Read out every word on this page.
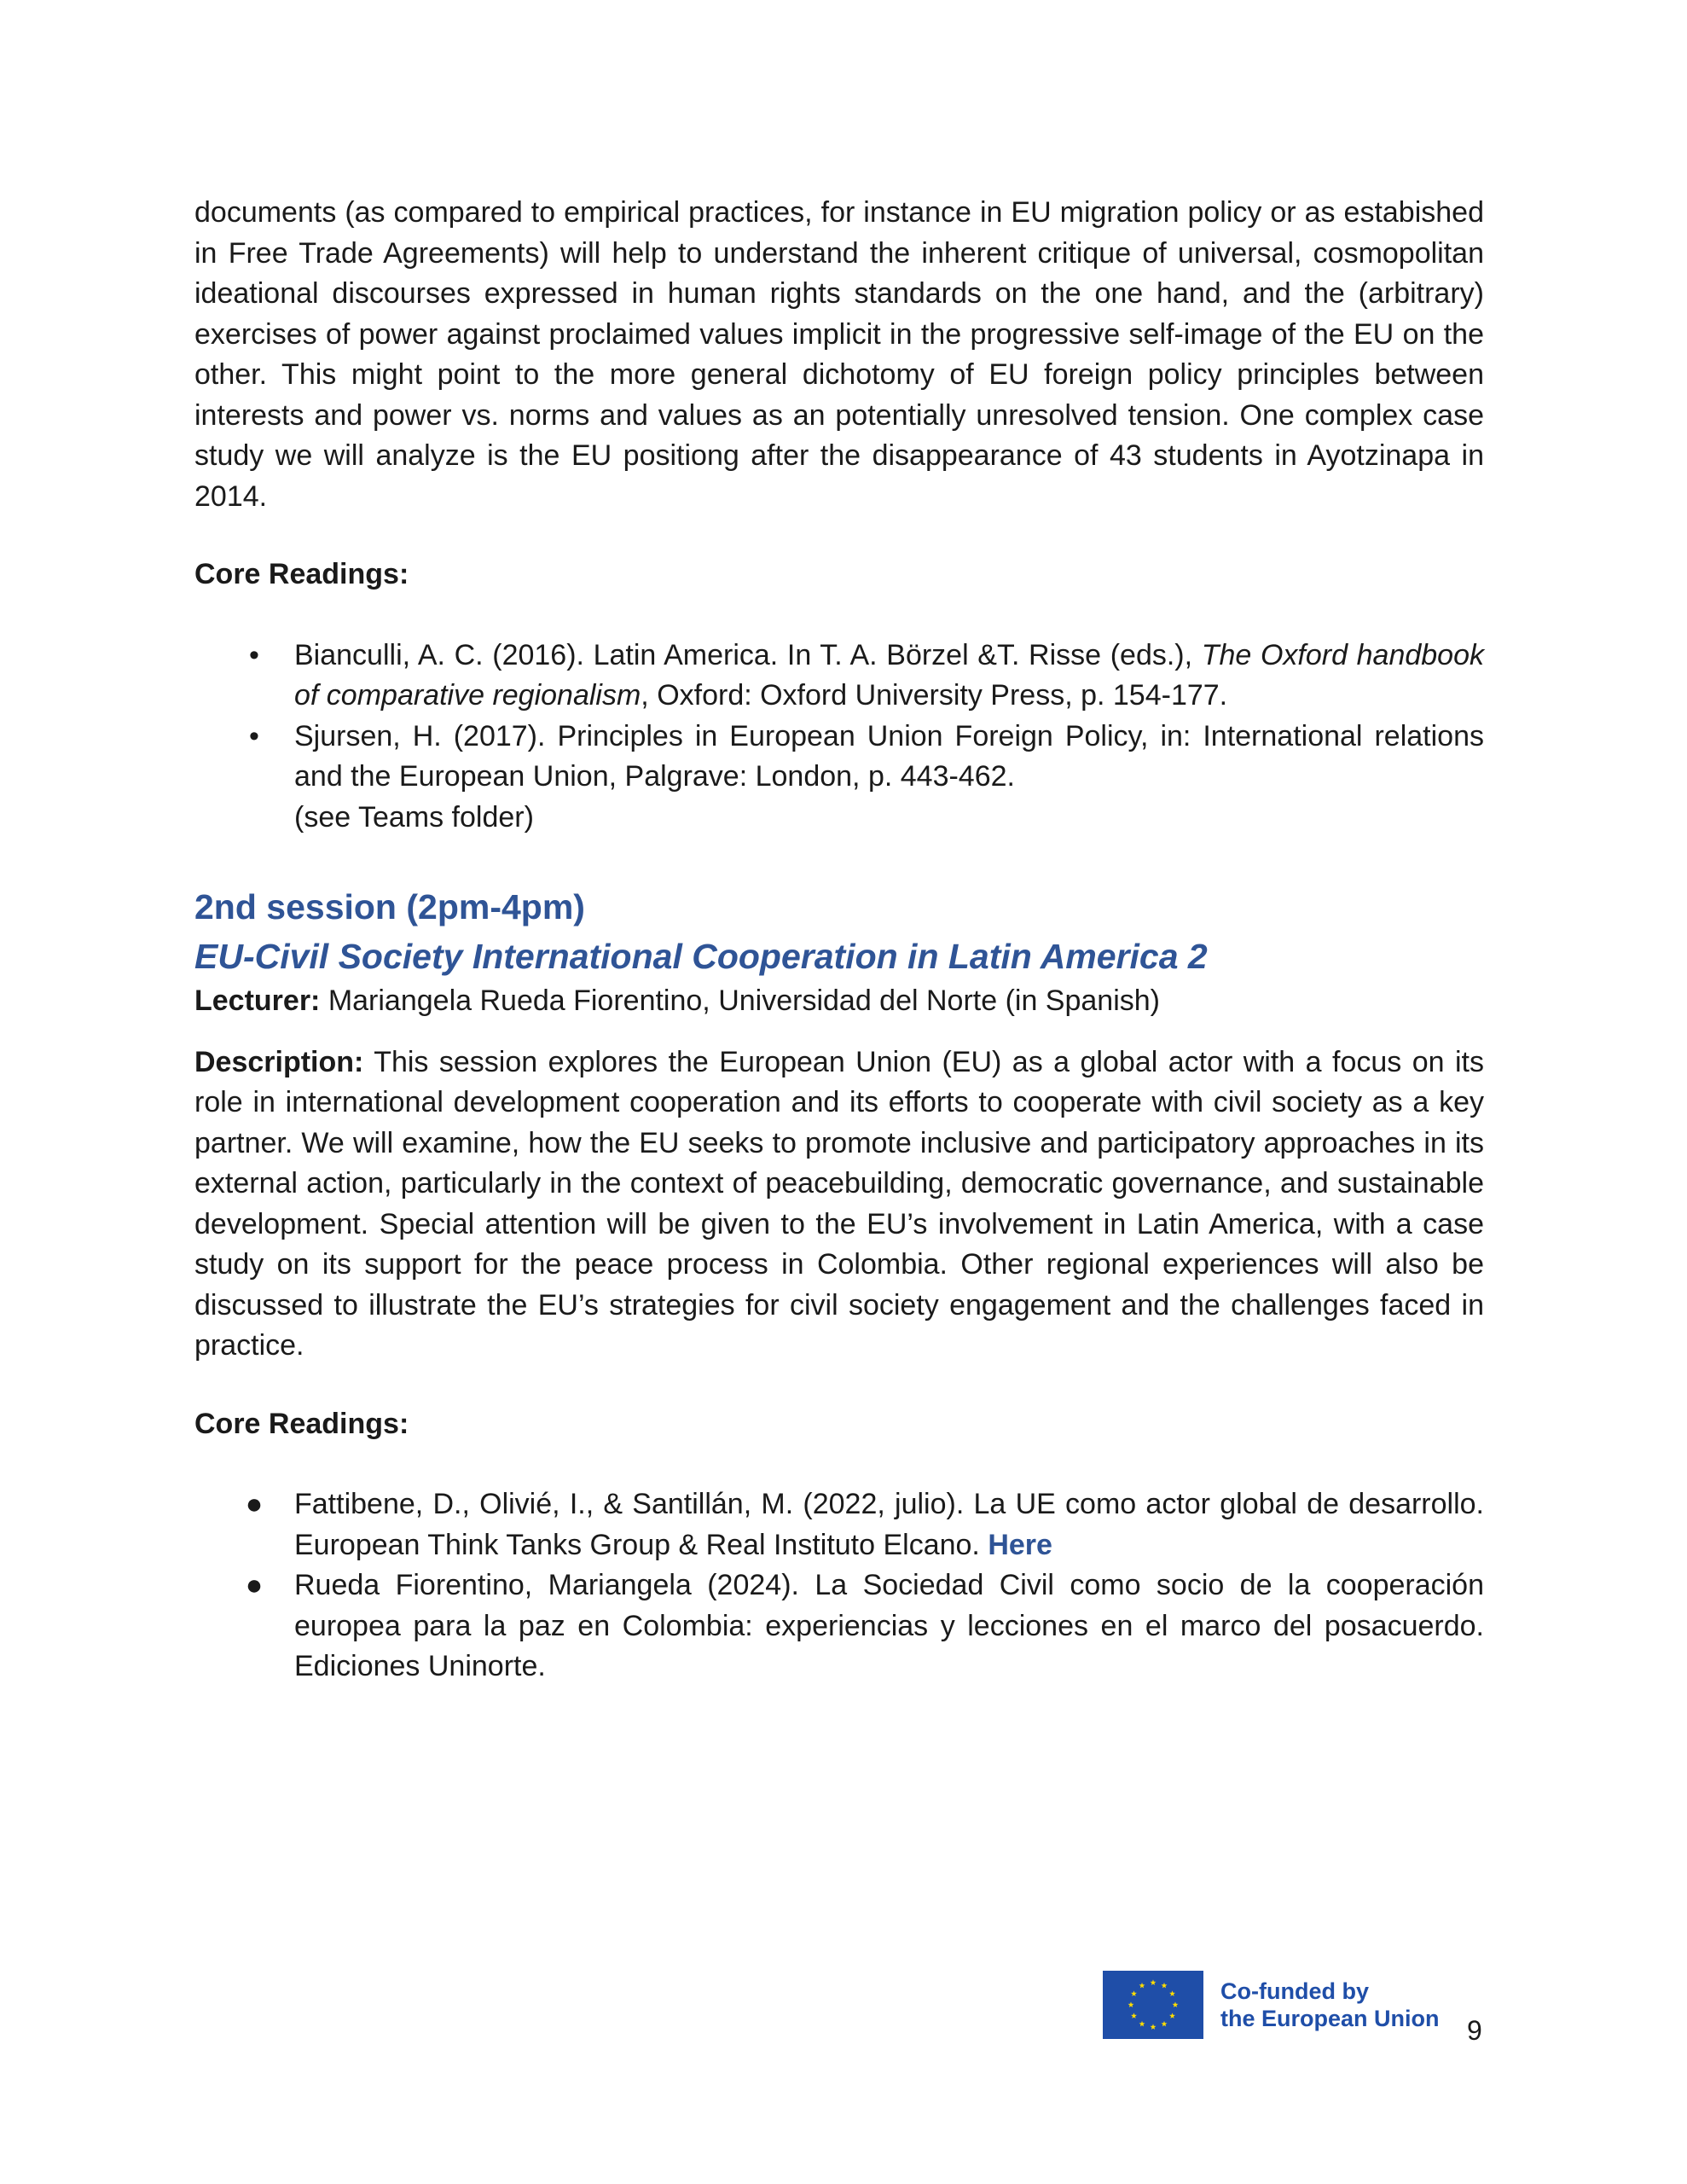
documents (as compared to empirical practices, for instance in EU migration policy or as estabished in Free Trade Agreements) will help to understand the inherent critique of universal, cosmopolitan ideational discourses expressed in human rights standards on the one hand, and the (arbitrary) exercises of power against proclaimed values implicit in the progressive self-image of the EU on the other. This might point to the more general dichotomy of EU foreign policy principles between interests and power vs. norms and values as an potentially unresolved tension. One complex case study we will analyze is the EU positiong after the disappearance of 43 students in Ayotzinapa in 2014.

Core Readings:

• Bianculli, A. C. (2016). Latin America. In T. A. Börzel &T. Risse (eds.), The Oxford handbook of comparative regionalism, Oxford: Oxford University Press, p. 154-177.
• Sjursen, H. (2017). Principles in European Union Foreign Policy, in: International relations and the European Union, Palgrave: London, p. 443-462.
(see Teams folder)

2nd session (2pm-4pm)

EU-Civil Society International Cooperation in Latin America 2

Lecturer: Mariangela Rueda Fiorentino, Universidad del Norte (in Spanish)

Description: This session explores the European Union (EU) as a global actor with a focus on its role in international development cooperation and its efforts to cooperate with civil society as a key partner. We will examine, how the EU seeks to promote inclusive and participatory approaches in its external action, particularly in the context of peacebuilding, democratic governance, and sustainable development. Special attention will be given to the EU’s involvement in Latin America, with a case study on its support for the peace process in Colombia. Other regional experiences will also be discussed to illustrate the EU’s strategies for civil society engagement and the challenges faced in practice.

Core Readings:

● Fattibene, D., Olivié, I., & Santillán, M. (2022, julio). La UE como actor global de desarrollo. European Think Tanks Group & Real Instituto Elcano. Here
● Rueda Fiorentino, Mariangela (2024). La Sociedad Civil como socio de la cooperación europea para la paz en Colombia: experiencias y lecciones en el marco del posacuerdo. Ediciones Uninorte.
Co-funded by
the European Union 9
